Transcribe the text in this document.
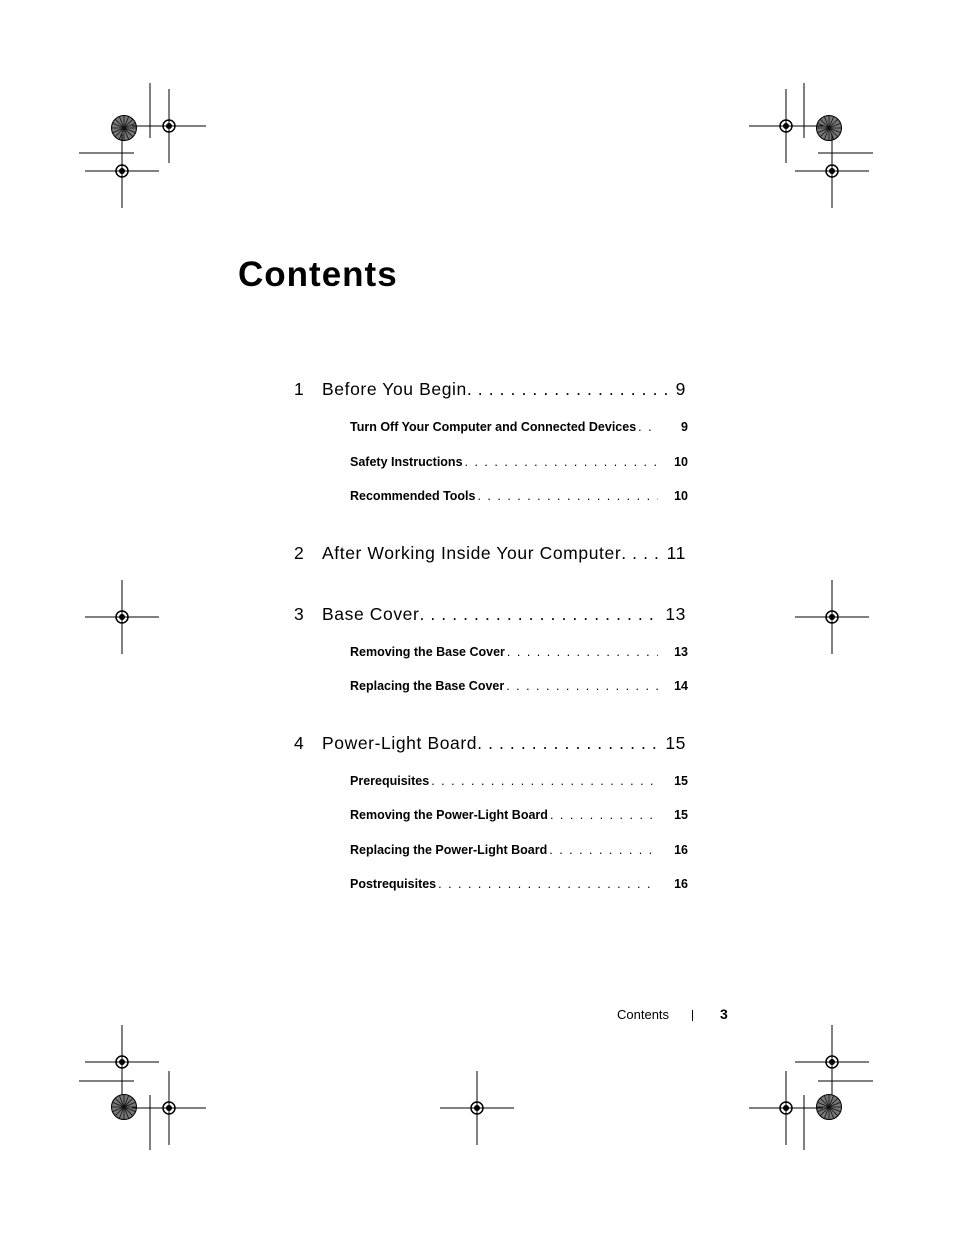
Contents
1	Before You Begin . . .	9
Turn Off Your Computer and Connected Devices . . .	9
Safety Instructions . . .	10
Recommended Tools . . .	10
2	After Working Inside Your Computer . . .	11
3	Base Cover . . .	13
Removing the Base Cover . . .	13
Replacing the Base Cover . . .	14
4	Power-Light Board . . .	15
Prerequisites . . .	15
Removing the Power-Light Board . . .	15
Replacing the Power-Light Board . . .	16
Postrequisites . . .	16
Contents	3
